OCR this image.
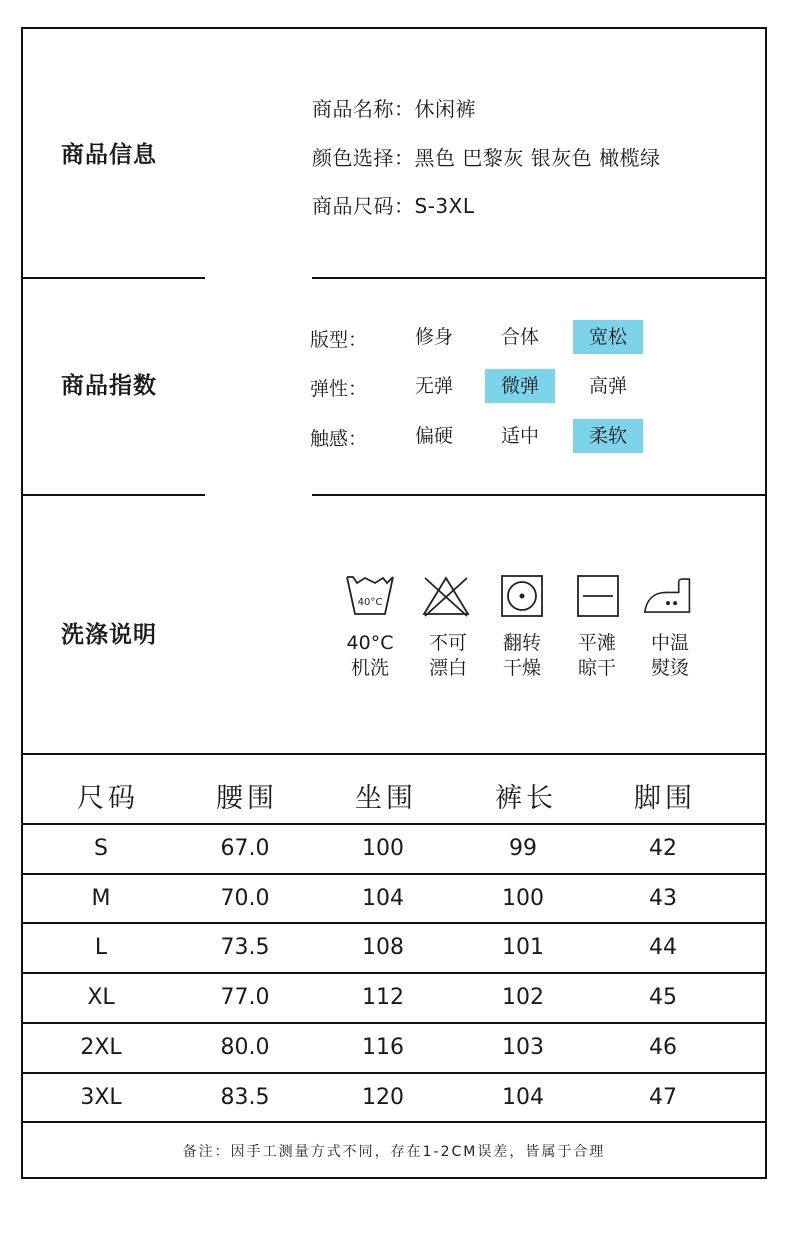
商品信息
商品名称：休闲裤
颜色选择：黑色 巴黎灰 银灰色 橄榄绿
商品尺码：S-3XL
商品指数
版型：	修身	合体	宽松
弹性：	无弹	微弹	高弹
触感：	偏硬	适中	柔软
洗涤说明
40°C
40°C
机洗
不可
漂白
翻转
干燥
平滩
晾干
中温
熨烫
尺码	腰围	坐围	裤长	脚围
S	67.0	100	99	42
M	70.0	104	100	43
L	73.5	108	101	44
XL	77.0	112	102	45
2XL	80.0	116	103	46
3XL	83.5	120	104	47
备注：因手工测量方式不同，存在1-2CM误差，皆属于合理
